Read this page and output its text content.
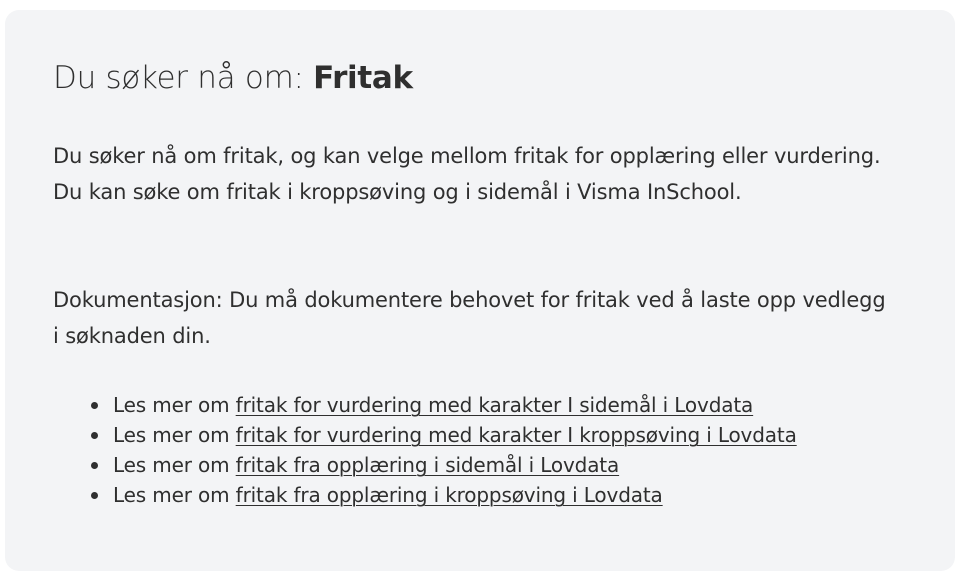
Du søker nå om: Fritak

Du søker nå om fritak, og kan velge mellom fritak for opplæring eller vurdering. Du kan søke om fritak i kroppsøving og i sidemål i Visma InSchool.

Dokumentasjon: Du må dokumentere behovet for fritak ved å laste opp vedlegg i søknaden din.

Les mer om fritak for vurdering med karakter I sidemål i Lovdata
Les mer om fritak for vurdering med karakter I kroppsøving i Lovdata
Les mer om fritak fra opplæring i sidemål i Lovdata
Les mer om fritak fra opplæring i kroppsøving i Lovdata
